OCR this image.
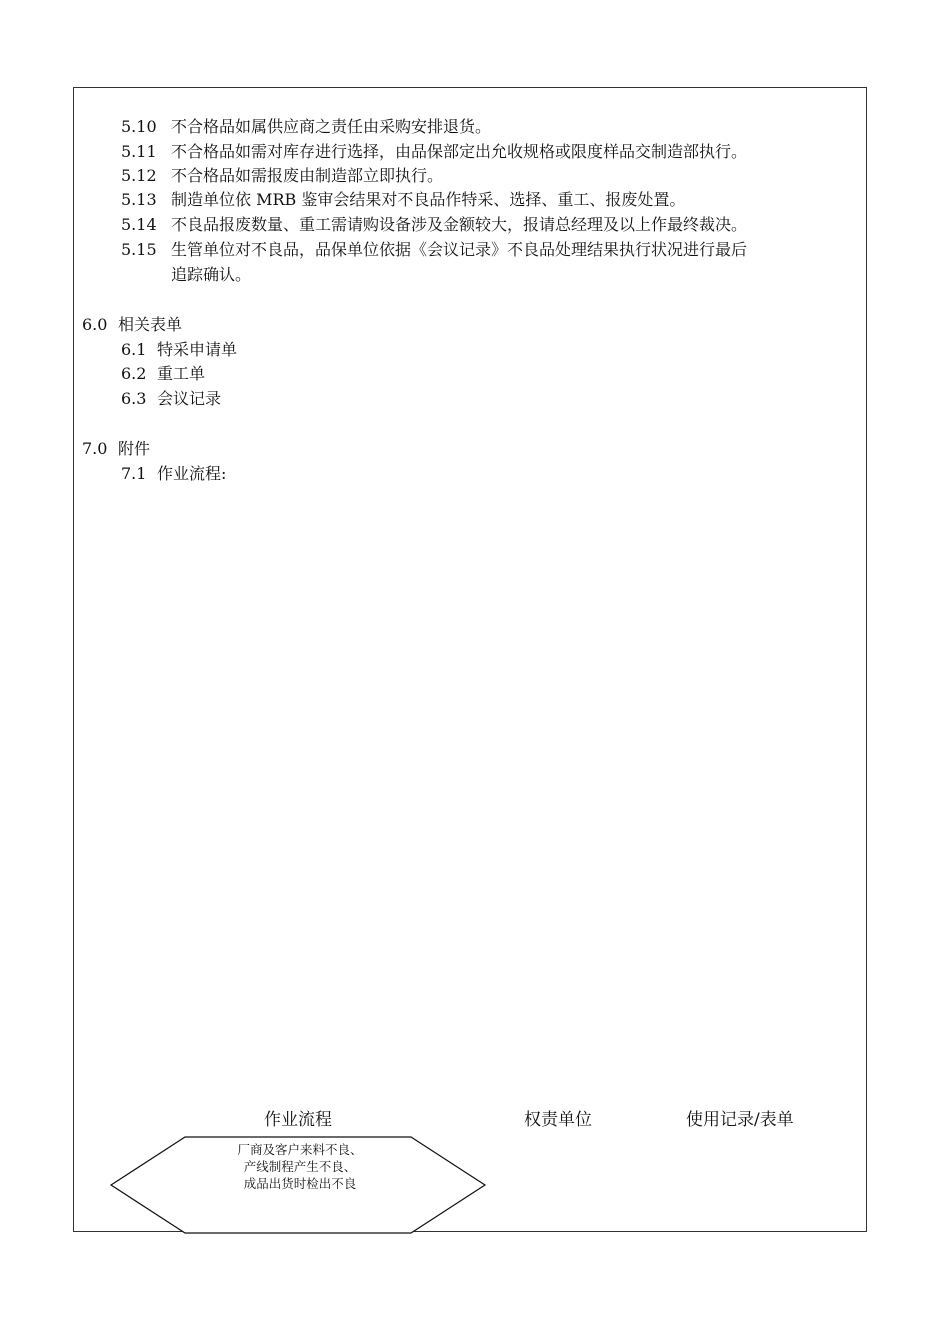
5.10 不合格品如属供应商之责任由采购安排退货。
5.11 不合格品如需对库存进行选择，由品保部定出允收规格或限度样品交制造部执行。
5.12 不合格品如需报废由制造部立即执行。
5.13 制造单位依 MRB 鉴审会结果对不良品作特采、选择、重工、报废处置。
5.14 不良品报废数量、重工需请购设备涉及金额较大，报请总经理及以上作最终裁决。
5.15 生管单位对不良品，品保单位依据《会议记录》不良品处理结果执行状况进行最后
追踪确认。
6.0 相关表单
6.1 特采申请单
6.2 重工单
6.3 会议记录
7.0 附件
7.1 作业流程:
作业流程	权责单位	使用记录/表单
厂商及客户来料不良、
产线制程产生不良、
成品出货时检出不良
